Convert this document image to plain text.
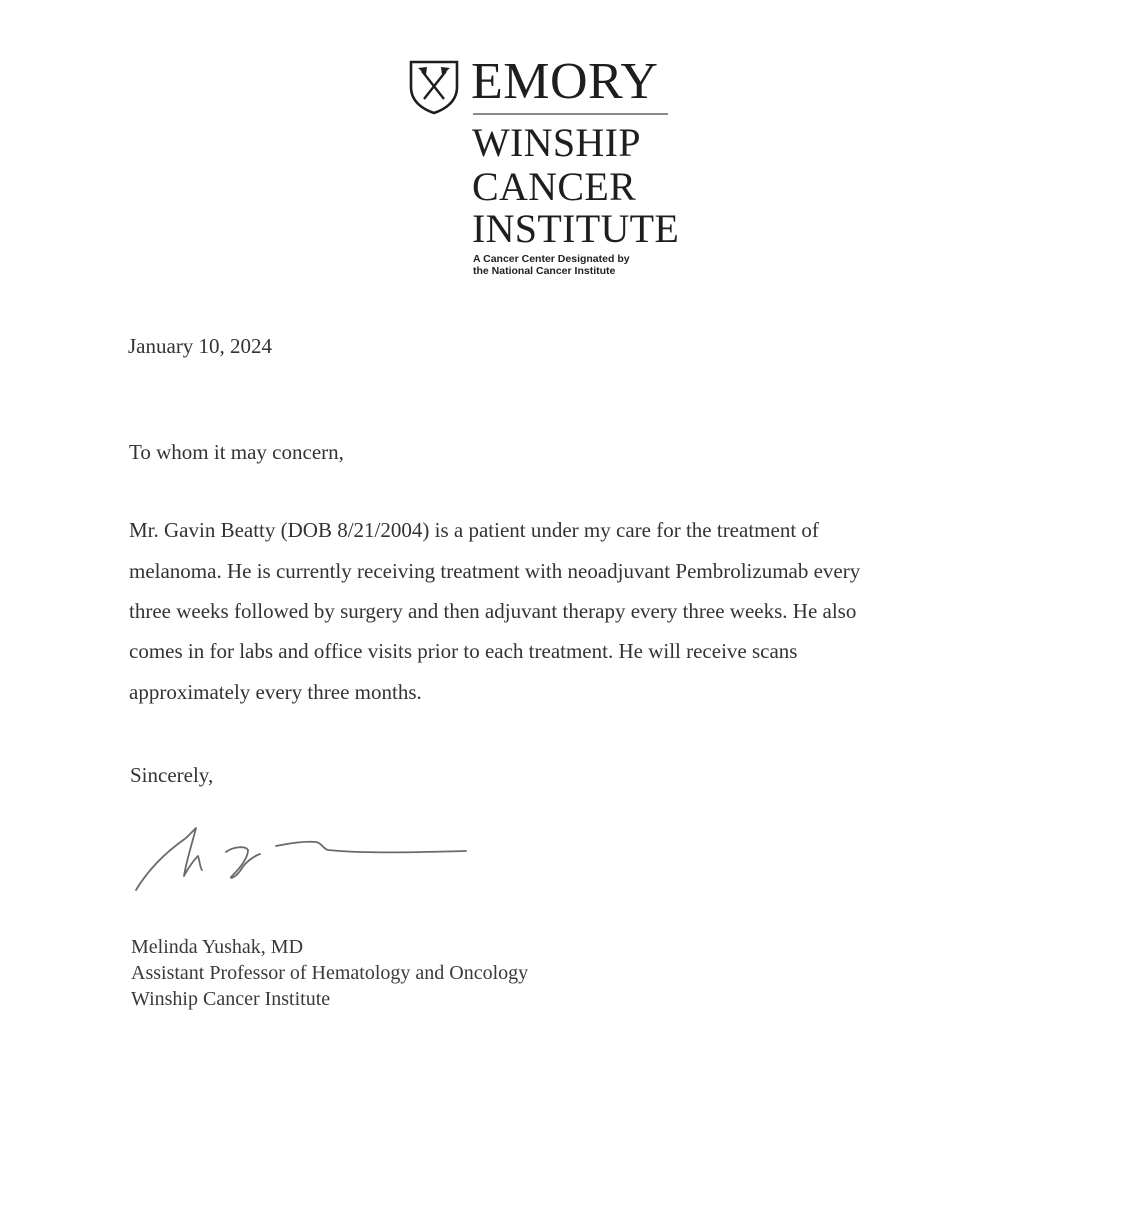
EMORY
WINSHIP
CANCER
INSTITUTE
A Cancer Center Designated by
the National Cancer Institute
January 10, 2024
To whom it may concern,
Mr. Gavin Beatty (DOB 8/21/2004) is a patient under my care for the treatment of
melanoma. He is currently receiving treatment with neoadjuvant Pembrolizumab every
three weeks followed by surgery and then adjuvant therapy every three weeks. He also
comes in for labs and office visits prior to each treatment. He will receive scans
approximately every three months.
Sincerely,
Melinda Yushak, MD
Assistant Professor of Hematology and Oncology
Winship Cancer Institute
